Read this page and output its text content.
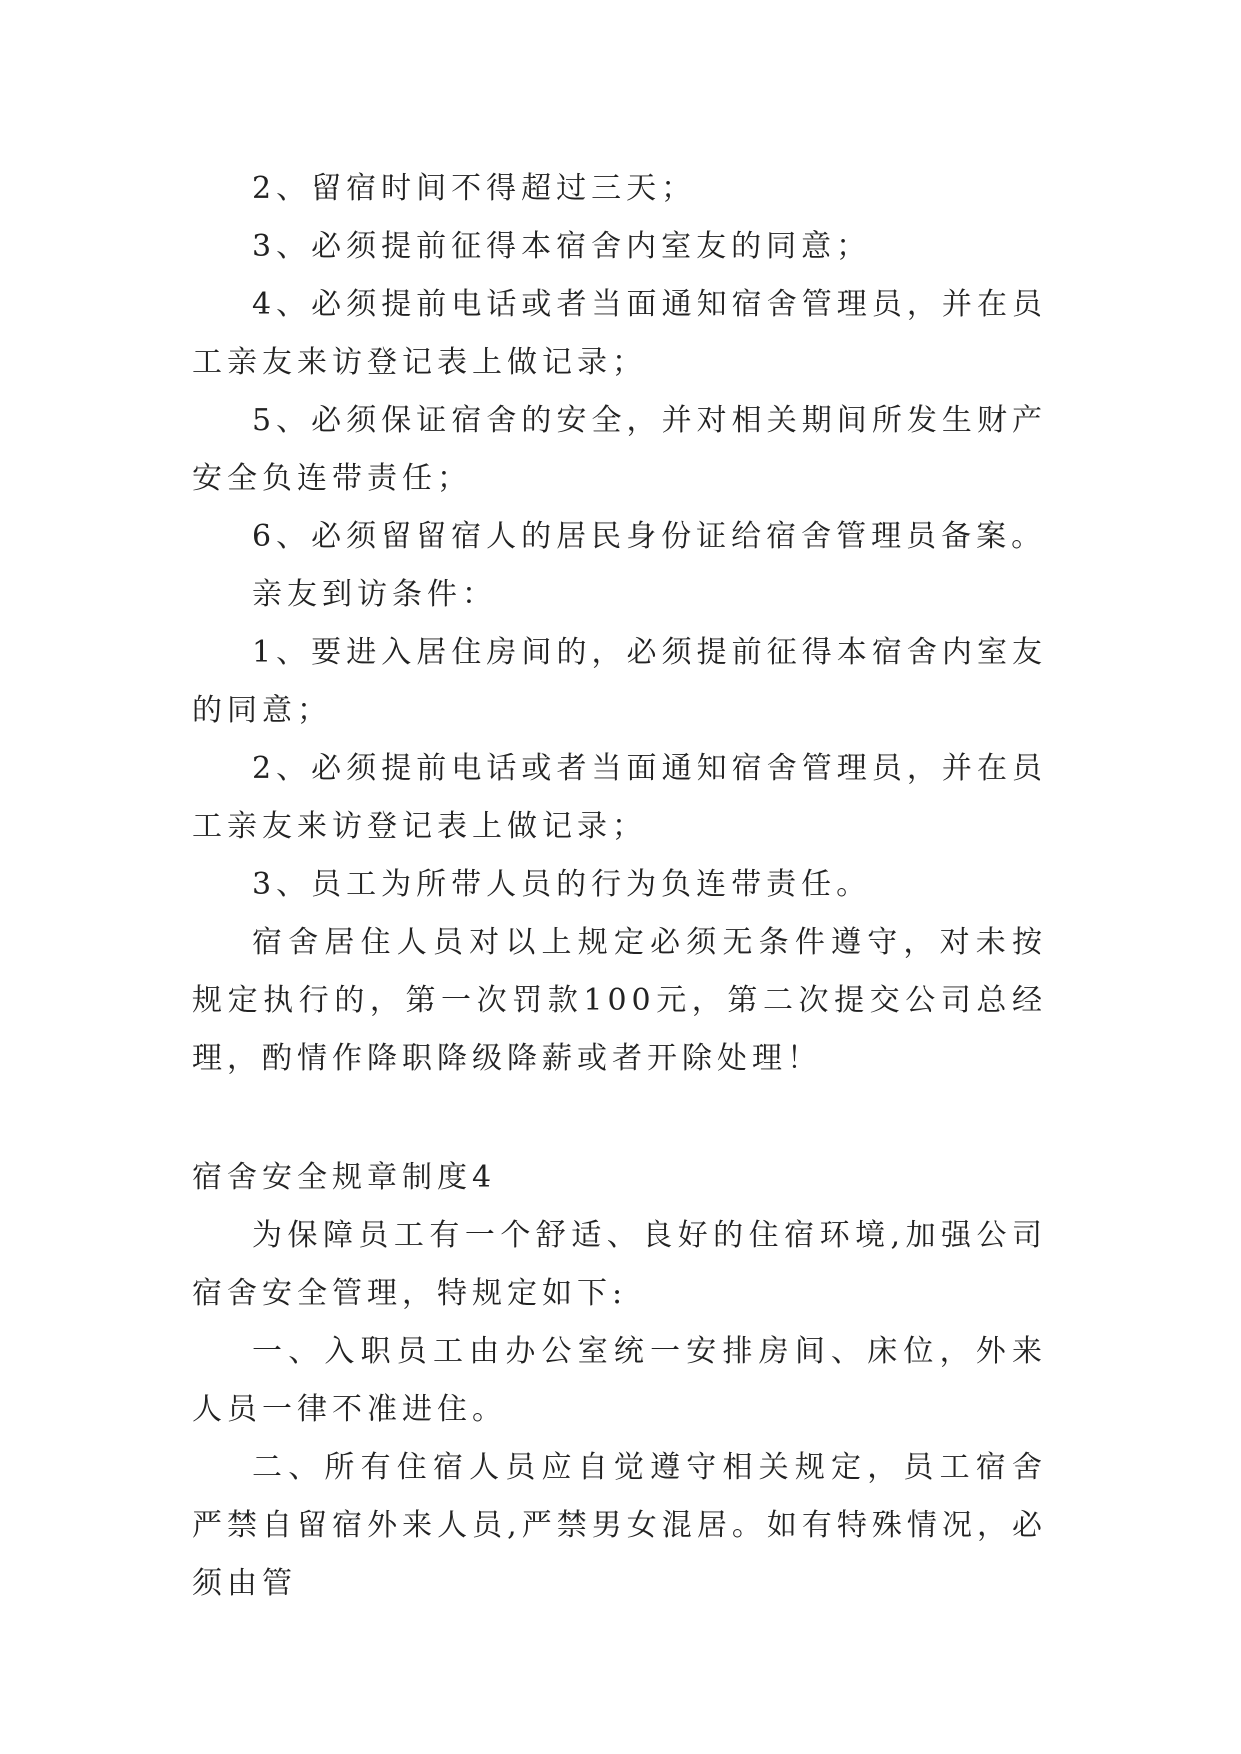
2、留宿时间不得超过三天；

3、必须提前征得本宿舍内室友的同意；

4、必须提前电话或者当面通知宿舍管理员，并在员工亲友来访登记表上做记录；

5、必须保证宿舍的安全，并对相关期间所发生财产安全负连带责任；

6、必须留留宿人的居民身份证给宿舍管理员备案。

亲友到访条件：

1、要进入居住房间的，必须提前征得本宿舍内室友的同意；

2、必须提前电话或者当面通知宿舍管理员，并在员工亲友来访登记表上做记录；

3、员工为所带人员的行为负连带责任。

宿舍居住人员对以上规定必须无条件遵守，对未按规定执行的，第一次罚款100元，第二次提交公司总经理，酌情作降职降级降薪或者开除处理！

宿舍安全规章制度4

为保障员工有一个舒适、良好的住宿环境,加强公司宿舍安全管理，特规定如下:

一、入职员工由办公室统一安排房间、床位，外来人员一律不准进住。

二、所有住宿人员应自觉遵守相关规定，员工宿舍严禁自留宿外来人员,严禁男女混居。如有特殊情况，必须由管
